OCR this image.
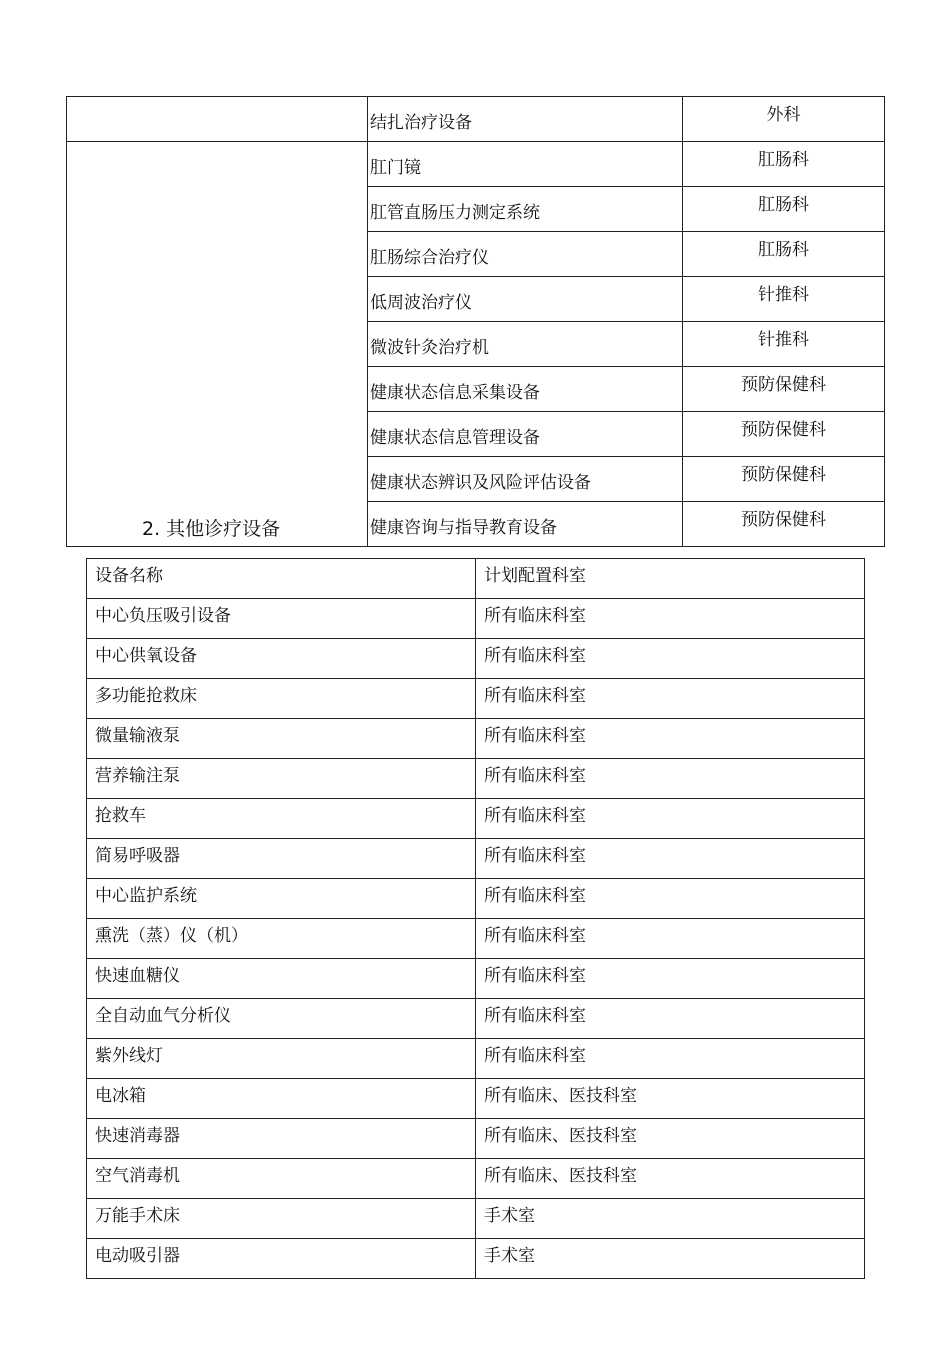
	结扎治疗设备	外科
	肛门镜	肛肠科
	肛管直肠压力测定系统	肛肠科
	肛肠综合治疗仪	肛肠科
	低周波治疗仪	针推科
	微波针灸治疗机	针推科
	健康状态信息采集设备	预防保健科
	健康状态信息管理设备	预防保健科
	健康状态辨识及风险评估设备	预防保健科
	健康咨询与指导教育设备	预防保健科
2. 其他诊疗设备
设备名称	计划配置科室
中心负压吸引设备	所有临床科室
中心供氧设备	所有临床科室
多功能抢救床	所有临床科室
微量输液泵	所有临床科室
营养输注泵	所有临床科室
抢救车	所有临床科室
简易呼吸器	所有临床科室
中心监护系统	所有临床科室
熏洗（蒸）仪（机）	所有临床科室
快速血糖仪	所有临床科室
全自动血气分析仪	所有临床科室
紫外线灯	所有临床科室
电冰箱	所有临床、医技科室
快速消毒器	所有临床、医技科室
空气消毒机	所有临床、医技科室
万能手术床	手术室
电动吸引器	手术室
